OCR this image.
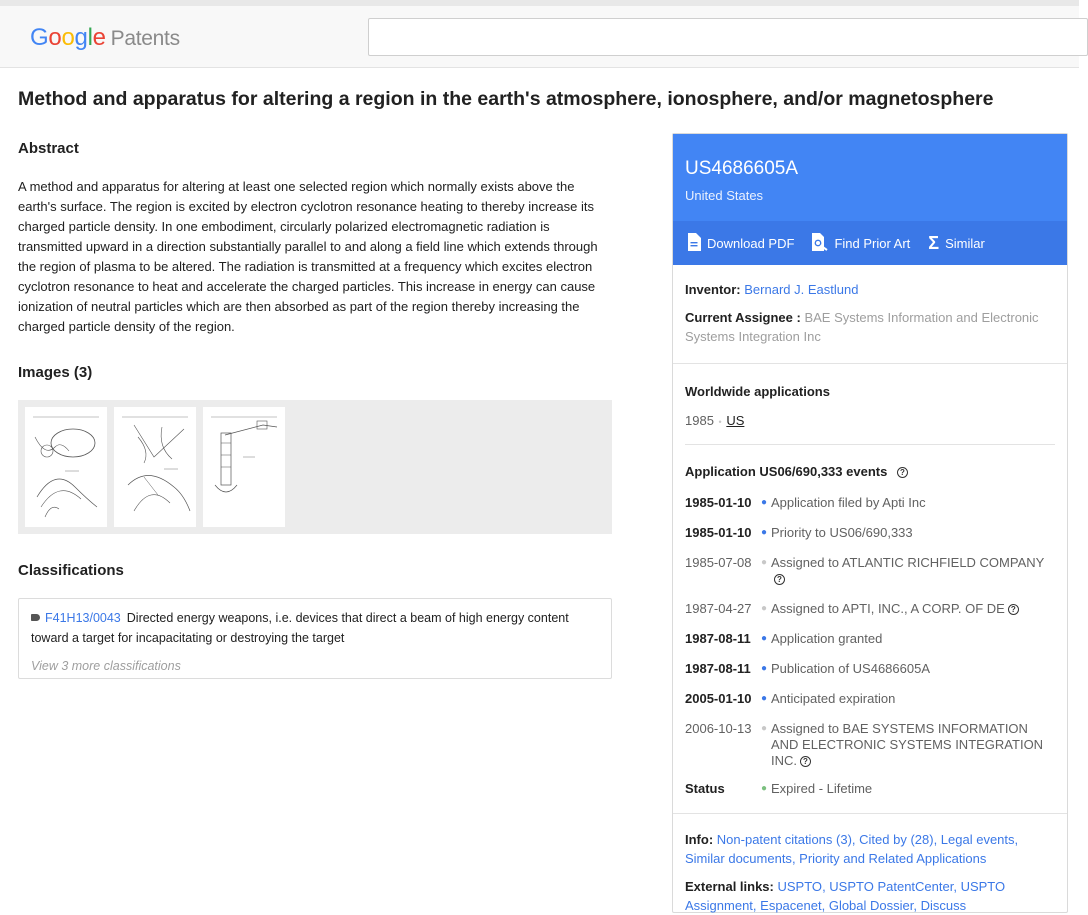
Google Patents
Method and apparatus for altering a region in the earth's atmosphere, ionosphere, and/or magnetosphere
Abstract
A method and apparatus for altering at least one selected region which normally exists above the earth's surface. The region is excited by electron cyclotron resonance heating to thereby increase its charged particle density. In one embodiment, circularly polarized electromagnetic radiation is transmitted upward in a direction substantially parallel to and along a field line which extends through the region of plasma to be altered. The radiation is transmitted at a frequency which excites electron cyclotron resonance to heat and accelerate the charged particles. This increase in energy can cause ionization of neutral particles which are then absorbed as part of the region thereby increasing the charged particle density of the region.
Images (3)
Classifications
F41H13/0043 Directed energy weapons, i.e. devices that direct a beam of high energy content toward a target for incapacitating or destroying the target
View 3 more classifications
US4686605A
United States
Download PDF	Find Prior Art Σ Similar
Inventor: Bernard J. Eastlund
Current Assignee : BAE Systems Information and Electronic Systems Integration Inc
Worldwide applications
1985 • US
Application US06/690,333 events ?
1985-01-10 ● Application filed by Apti Inc
1985-01-10 ● Priority to US06/690,333
1985-07-08 ● Assigned to ATLANTIC RICHFIELD COMPANY?
1987-04-27 ● Assigned to APTI, INC., A CORP. OF DE ?
1987-08-11	● Application granted
1987-08-11	● Publication of US4686605A
2005-01-10 ● Anticipated expiration
2006-10-13 ● Assigned to BAE SYSTEMS INFORMATION AND ELECTRONIC SYSTEMS INTEGRATION INC. ?
Status	● Expired - Lifetime
Info: Non-patent citations (3), Cited by (28), Legal events, Similar documents, Priority and Related Applications
External links: USPTO, USPTO PatentCenter, USPTO Assignment, Espacenet, Global Dossier, Discuss
